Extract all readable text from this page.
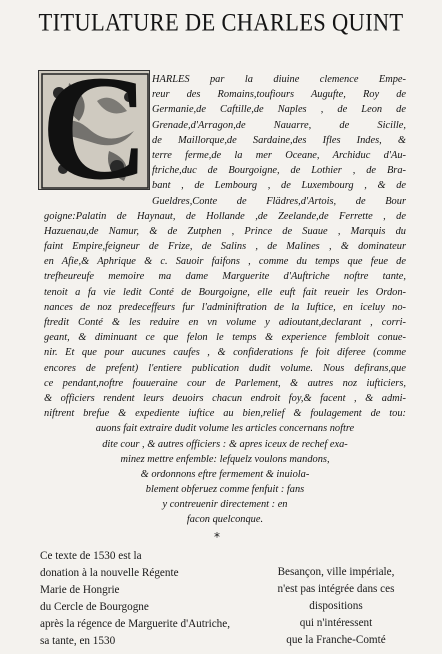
TITULATURE DE CHARLES QUINT
C HARLES par la diuine clemence Empe-
reur des Romains,toufiours Augufte, Roy de
Germanie,de Caftille,de Naples , de Leon de
Grenade,d'Arragon,de Nauarre, de Sicille,
de Maillorque,de Sardaine,des Ifles Indes, &
terre ferme,de la mer Oceane, Archiduc d'Au-
ftriche,duc de Bourgoigne, de Lothier , de Bra-
bant , de Lembourg , de Luxembourg , & de
Gueldres,Conte de Flädres,d'Artois, de Bour
goigne:Palatin de Haynaut, de Hollande ,de Zeelande,de Ferrette , de
Hazuenau,de Namur, & de Zutphen , Prince de Suaue , Marquis du
faint Empire,feigneur de Frize, de Salins , de Malines , & dominateur
en Afie,& Aphrique & c. Sauoir faifons , comme du temps que feue de
trefheureufe memoire ma dame Marguerite d'Auftriche noftre tante,
tenoit a fa vie ledit Conté de Bourgoigne, elle euft fait reueir les Ordon-
nances de noz predeceffeurs fur l'adminiftration de la Iuftice, en iceluy no-
ftredit Conté & les reduire en vn volume y adioutant,declarant , corri-
geant, & diminuant ce que felon le temps & experience fembloit conue-
nir. Et que pour aucunes caufes , & confiderations fe foit diferee (comme
encores de prefent) l'entiere publication dudit volume. Nous defirans,que
ce pendant,noftre fouueraine cour de Parlement, & autres noz iufticiers,
& officiers rendent leurs deuoirs chacun endroit foy,& facent , & admi-
niftrent brefue & expediente iuftice au bien,relief & foulagement de tou:
auons fait extraire dudit volume les articles concernans noftre
dite cour , & autres officiers : & apres iceux de rechef exa-
minez mettre enfemble: lefquelz voulons mandons,
& ordonnons eftre fermement & inuiola-
blement obferuez comme fenfuit : fans
y contreuenir directement : en
facon quelconque.
*
Ce texte de 1530 est la
donation à la nouvelle Régente
Marie de Hongrie
du Cercle de Bourgogne
après la régence de Marguerite d'Autriche,
sa tante, en 1530
Besançon, ville impériale,
n'est pas intégrée dans ces
dispositions
qui n'intéressent
que la Franche-Comté
